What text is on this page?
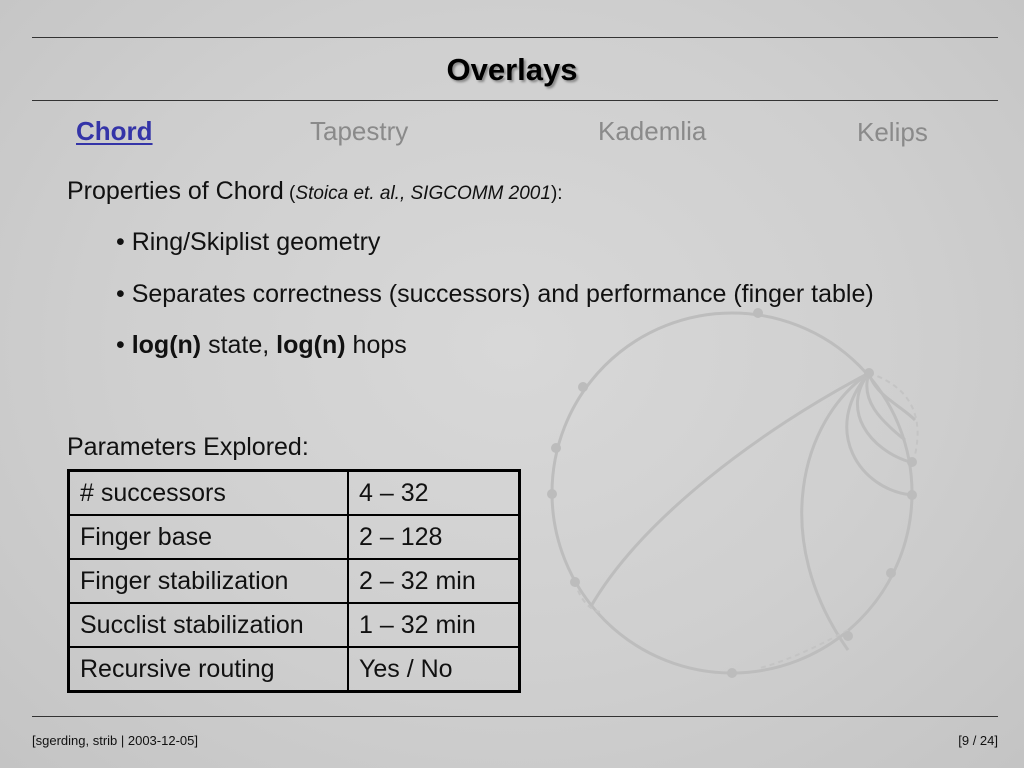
Overlays
Chord	Tapestry	Kademlia	Kelips
Properties of Chord (Stoica et. al., SIGCOMM 2001):
• Ring/Skiplist geometry
• Separates correctness (successors) and performance (finger table)
• log(n) state, log(n) hops
Parameters Explored:
# successors	4 – 32
Finger base	2 – 128
Finger stabilization	2 – 32 min
Succlist stabilization	1 – 32 min
Recursive routing	Yes / No
[sgerding, strib | 2003-12-05]	[9 / 24]
